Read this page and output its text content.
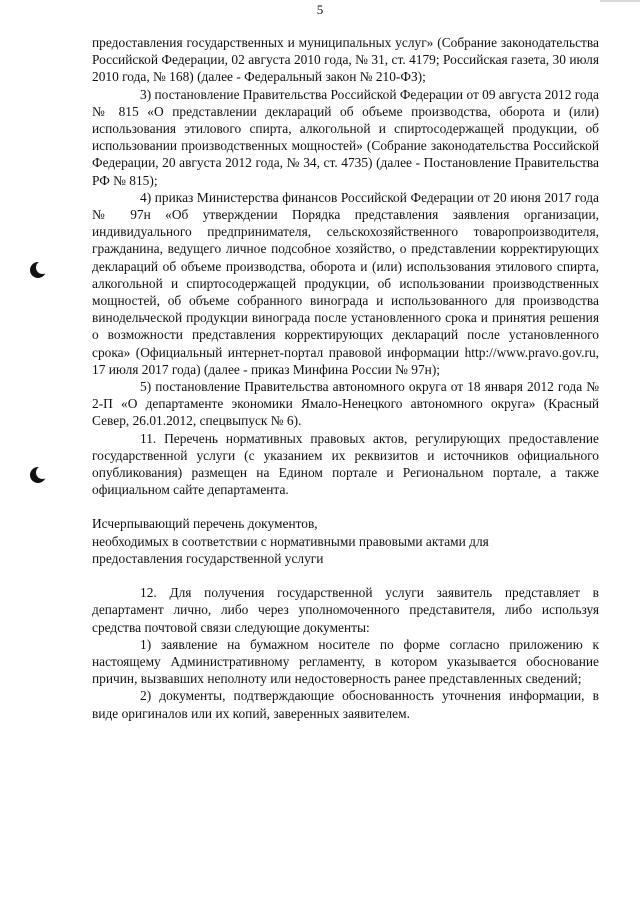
5

предоставления государственных и муниципальных услуг» (Собрание законодательства Российской Федерации, 02 августа 2010 года, № 31, ст. 4179; Российская газета, 30 июля 2010 года, № 168) (далее - Федеральный закон № 210-ФЗ);

3) постановление Правительства Российской Федерации от 09 августа 2012 года № 815 «О представлении деклараций об объеме производства, оборота и (или) использования этилового спирта, алкогольной и спиртосодержащей продукции, об использовании производственных мощностей» (Собрание законодательства Российской Федерации, 20 августа 2012 года, № 34, ст. 4735) (далее - Постановление Правительства РФ № 815);

4) приказ Министерства финансов Российской Федерации от 20 июня 2017 года № 97н «Об утверждении Порядка представления заявления организации, индивидуального предпринимателя, сельскохозяйственного товаропроизводителя, гражданина, ведущего личное подсобное хозяйство, о представлении корректирующих деклараций об объеме производства, оборота и (или) использования этилового спирта, алкогольной и спиртосодержащей продукции, об использовании производственных мощностей, об объеме собранного винограда и использованного для производства винодельческой продукции винограда после установленного срока и принятия решения о возможности представления корректирующих деклараций после установленного срока» (Официальный интернет-портал правовой информации http://www.pravo.gov.ru, 17 июля 2017 года) (далее - приказ Минфина России № 97н);

5) постановление Правительства автономного округа от 18 января 2012 года № 2-П «О департаменте экономики Ямало-Ненецкого автономного округа» (Красный Север, 26.01.2012, спецвыпуск № 6).

11. Перечень нормативных правовых актов, регулирующих предоставление государственной услуги (с указанием их реквизитов и источников официального опубликования) размещен на Едином портале и Региональном портале, а также официальном сайте департамента.

Исчерпывающий перечень документов,

необходимых в соответствии с нормативными правовыми актами для

предоставления государственной услуги

12. Для получения государственной услуги заявитель представляет в департамент лично, либо через уполномоченного представителя, либо используя средства почтовой связи следующие документы:

1) заявление на бумажном носителе по форме согласно приложению к настоящему Административному регламенту, в котором указывается обоснование причин, вызвавших неполноту или недостоверность ранее представленных сведений;

2) документы, подтверждающие обоснованность уточнения информации, в виде оригиналов или их копий, заверенных заявителем.
